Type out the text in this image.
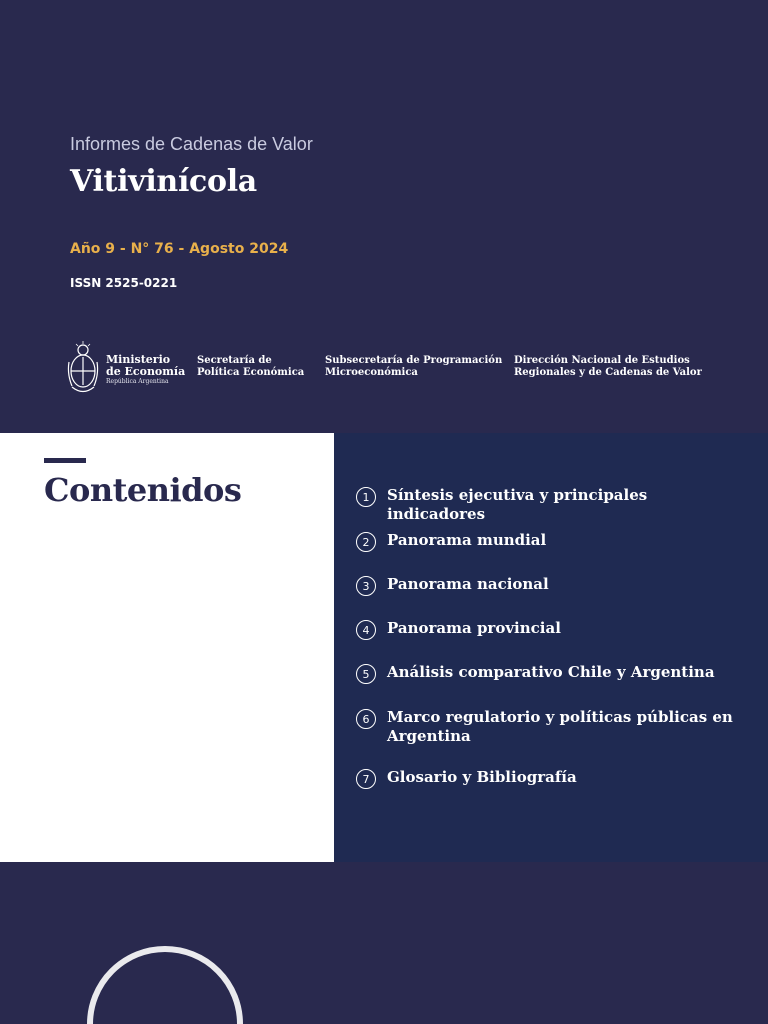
Informes de Cadenas de Valor
Vitivinícola
Año 9 - N° 76 - Agosto 2024
ISSN 2525-0221
Ministerio
de Economía
República Argentina
Secretaría de
Política Económica
Subsecretaría de Programación
Microeconómica
Dirección Nacional de Estudios
Regionales y de Cadenas de Valor
Contenidos	1	Síntesis ejecutiva y principales indicadores
2	Panorama mundial
3	Panorama nacional
4	Panorama provincial
5	Análisis comparativo Chile y Argentina
6	Marco regulatorio y políticas públicas en Argentina
7	Glosario y Bibliografía
